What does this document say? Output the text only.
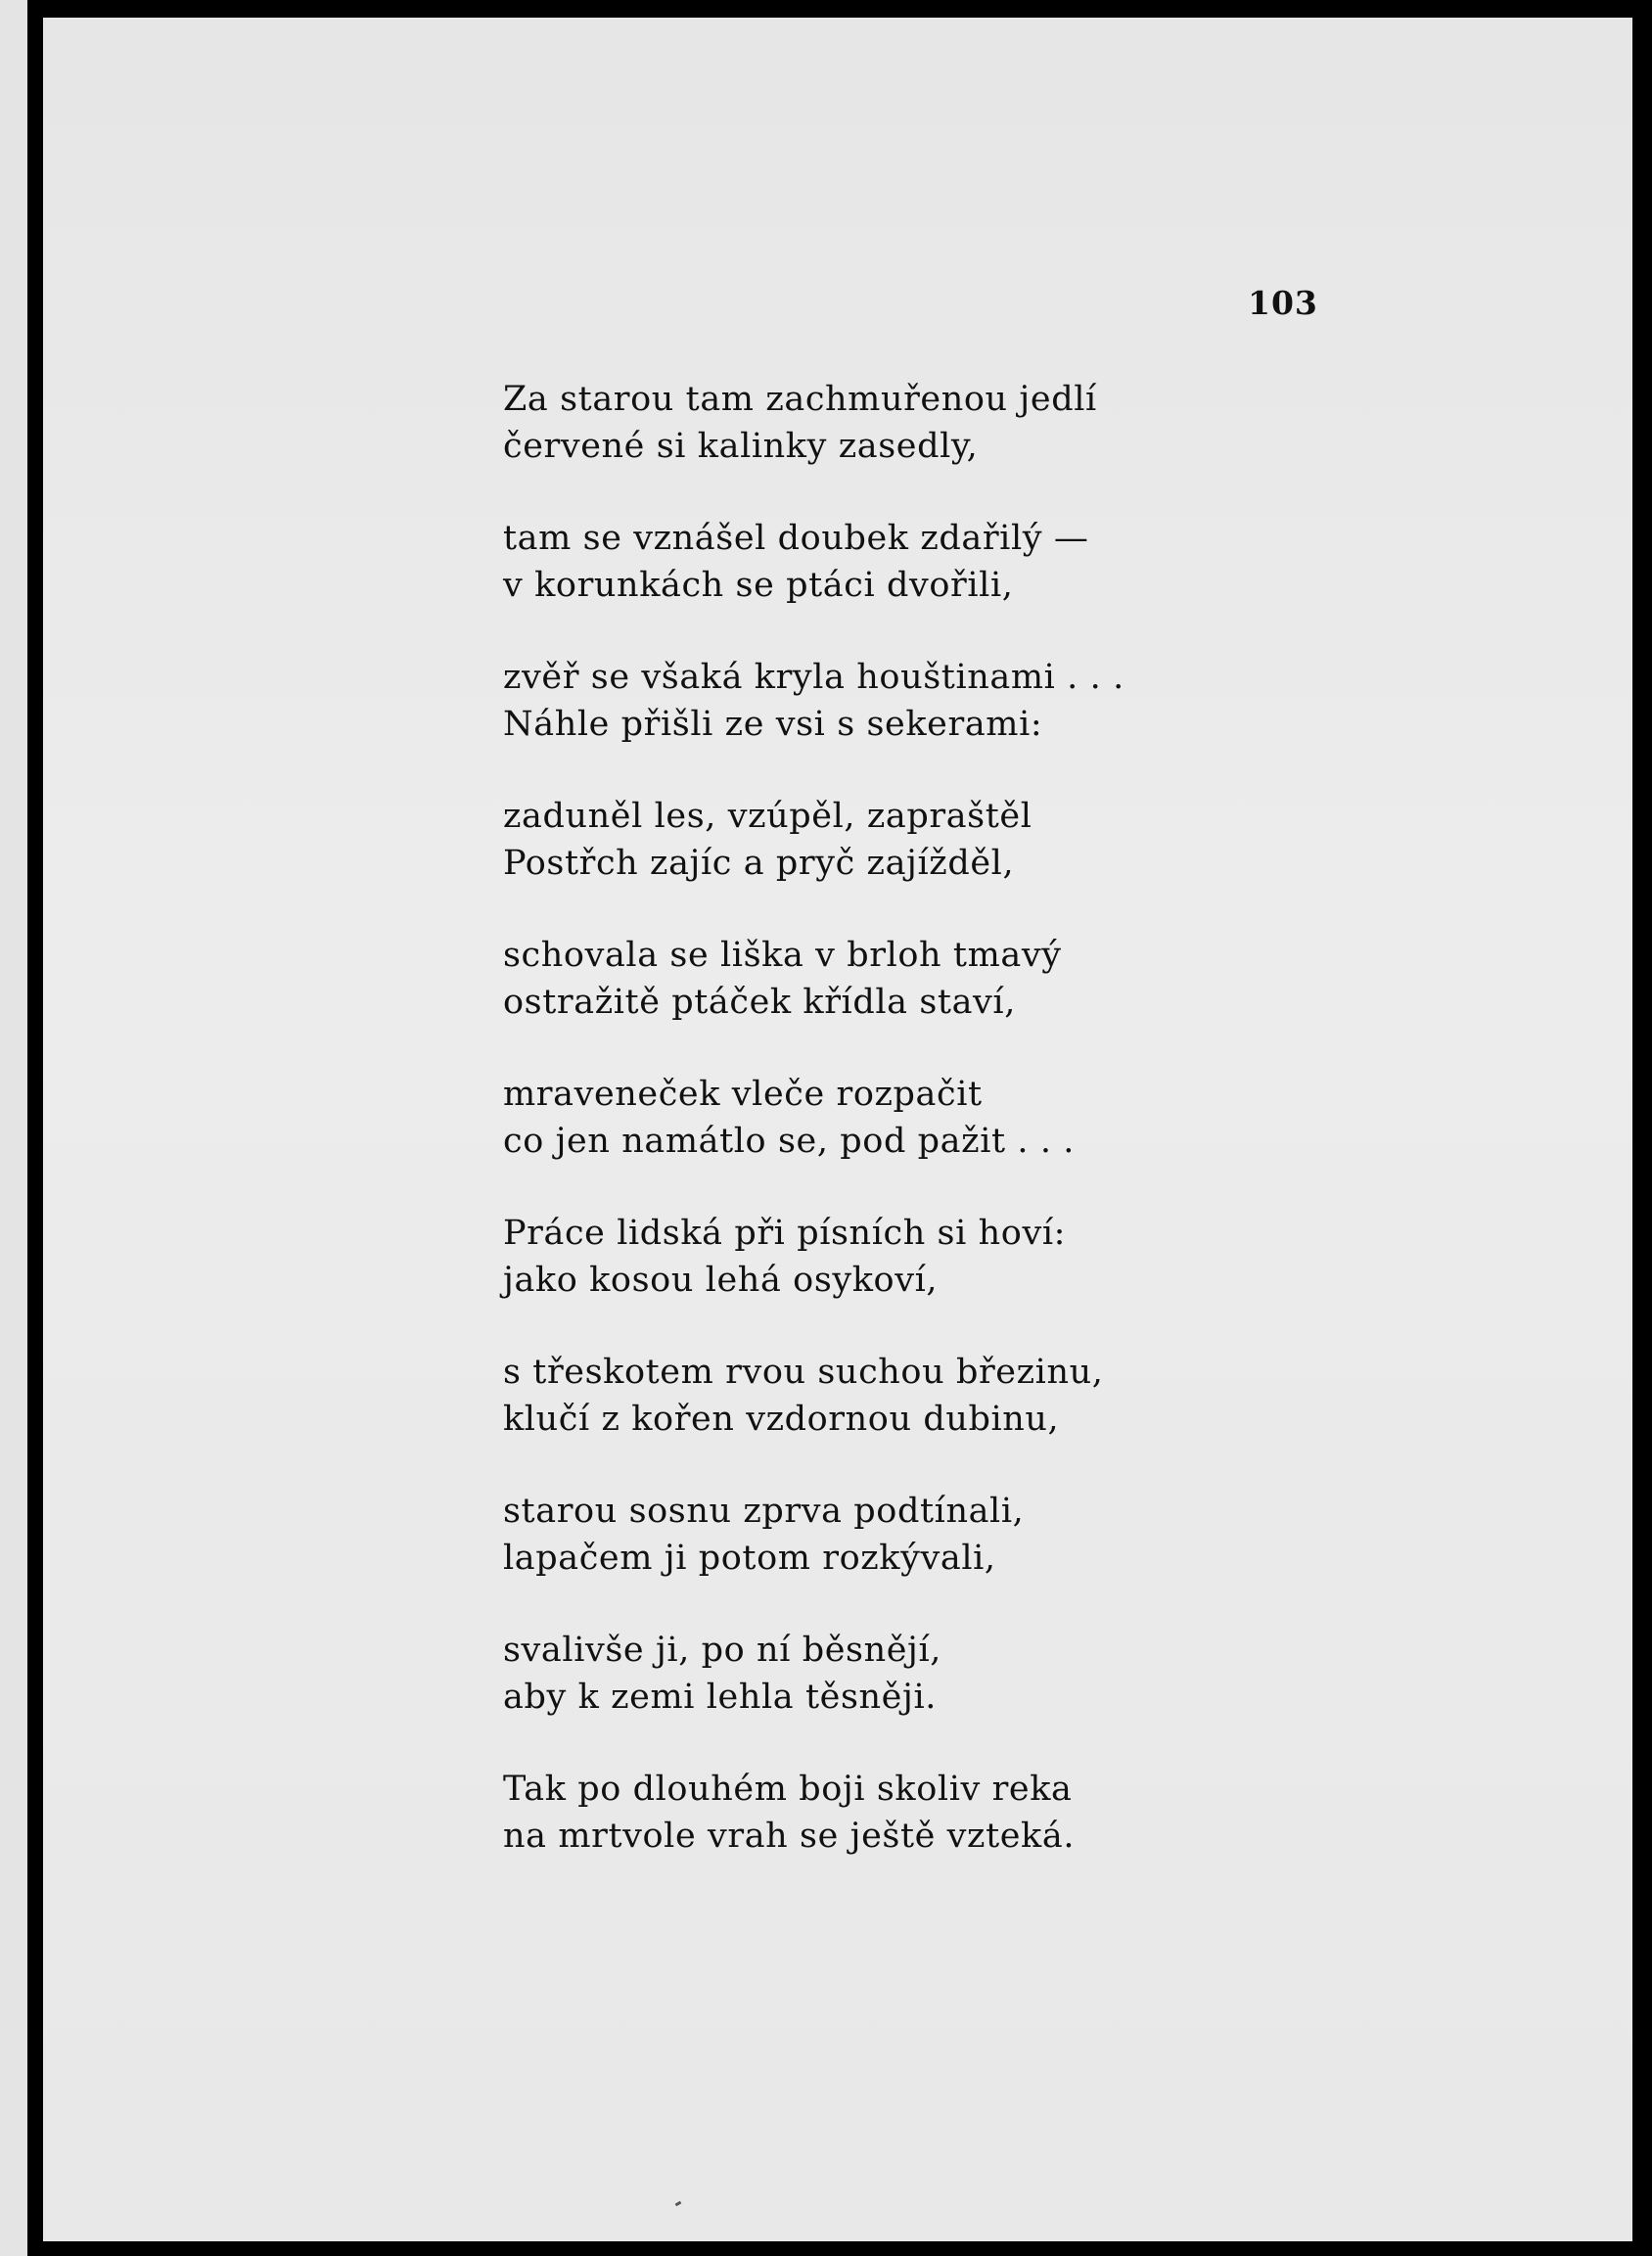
103
Za starou tam zachmuřenou jedlí
červené si kalinky zasedly,
tam se vznášel doubek zdařilý —
v korunkách se ptáci dvořili,
zvěř se všaká kryla houštinami . . .
Náhle přišli ze vsi s sekerami:
zaduněl les, vzúpěl, zapraštěl
Postřch zajíc a pryč zajížděl,
schovala se liška v brloh tmavý
ostražitě ptáček křídla staví,
mraveneček vleče rozpačit
co jen namátlo se, pod pažit . . .
Práce lidská při písních si hoví:
jako kosou lehá osykoví,
s třeskotem rvou suchou březinu,
klučí z kořen vzdornou dubinu,
starou sosnu zprva podtínali,
lapačem ji potom rozkývali,
svalivše ji, po ní běsnějí,
aby k zemi lehla těsněji.
Tak po dlouhém boji skoliv reka
na mrtvole vrah se ještě vzteká.
